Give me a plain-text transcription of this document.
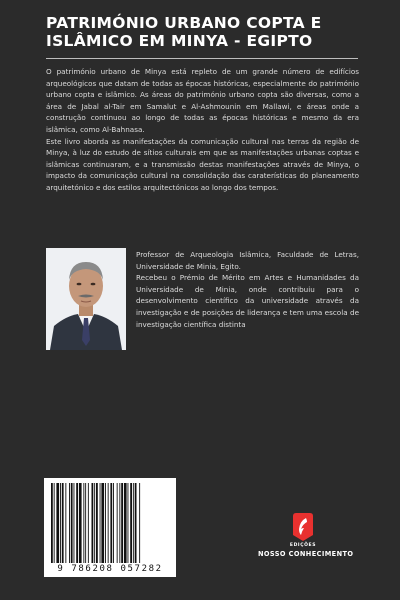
PATRIMÓNIO URBANO COPTA E ISLÂMICO EM MINYA - EGIPTO

O património urbano de Minya está repleto de um grande número de edifícios arqueológicos que datam de todas as épocas históricas, especialmente do património urbano copta e islâmico. As áreas do património urbano copta são diversas, como a área de Jabal al-Tair em Samalut e Al-Ashmounin em Mallawi, e áreas onde a construção continuou ao longo de todas as épocas históricas e mesmo da era islâmica, como Al-Bahnasa.

Este livro aborda as manifestações da comunicação cultural nas terras da região de Minya, à luz do estudo de sítios culturais em que as manifestações urbanas coptas e islâmicas continuaram, e a transmissão destas manifestações através de Minya, o impacto da comunicação cultural na consolidação das caraterísticas do planeamento arquitetónico e dos estilos arquitectónicos ao longo dos tempos.

Professor de Arqueologia Islâmica, Faculdade de Letras, Universidade de Minia, Egito.

Recebeu o Prémio de Mérito em Artes e Humanidades da Universidade de Minia, onde contribuiu para o desenvolvimento científico da universidade através da investigação e de posições de liderança e tem uma escola de investigação científica distinta

9 786208 057282
EDIÇÕES
NOSSO CONHECIMENTO
